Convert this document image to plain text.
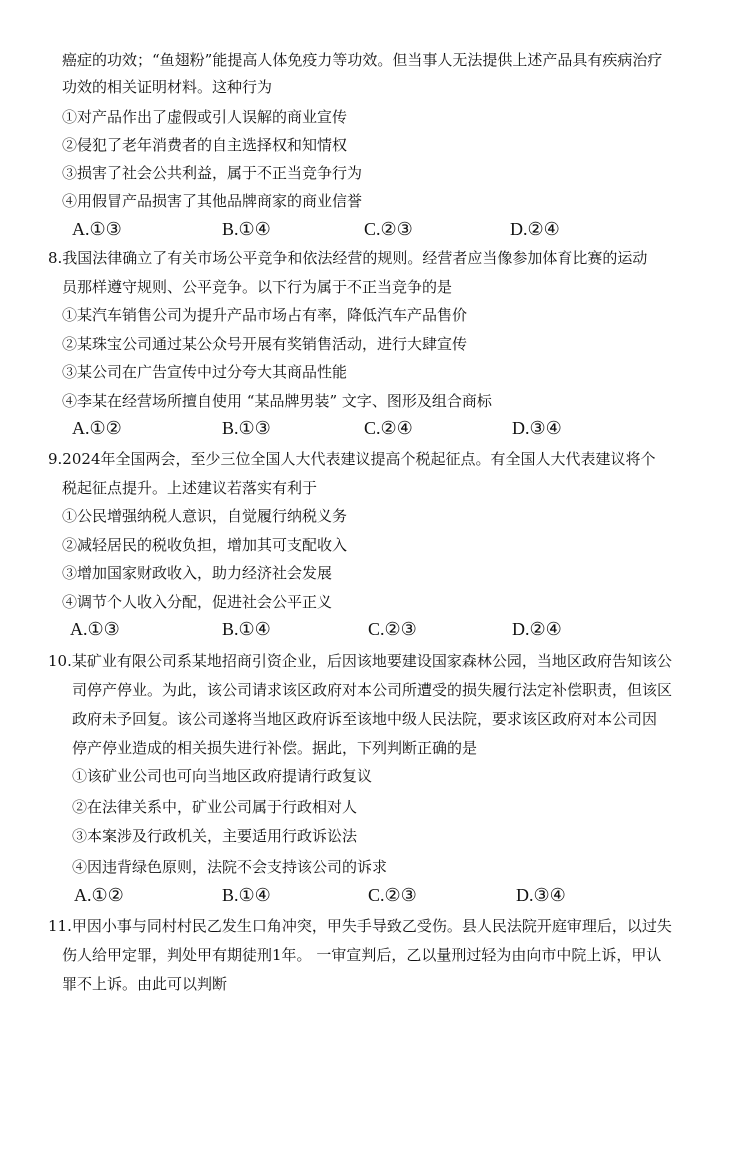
癌症的功效；“鱼翅粉”能提高人体免疫力等功效。但当事人无法提供上述产品具有疾病治疗
功效的相关证明材料。这种行为
①对产品作出了虚假或引人误解的商业宣传
②侵犯了老年消费者的自主选择权和知情权
③损害了社会公共利益，属于不正当竞争行为
④用假冒产品损害了其他品牌商家的商业信誉
A.①③	B.①④	C.②③	D.②④
8.我国法律确立了有关市场公平竞争和依法经营的规则。经营者应当像参加体育比赛的运动
员那样遵守规则、公平竞争。以下行为属于不正当竞争的是
①某汽车销售公司为提升产品市场占有率，降低汽车产品售价
②某珠宝公司通过某公众号开展有奖销售活动，进行大肆宣传
③某公司在广告宣传中过分夸大其商品性能
④李某在经营场所擅自使用 “某品牌男装” 文字、图形及组合商标
A.①②	B.①③	C.②④	D.③④
9.2024年全国两会，至少三位全国人大代表建议提高个税起征点。有全国人大代表建议将个
税起征点提升。上述建议若落实有利于
①公民增强纳税人意识，自觉履行纳税义务
②减轻居民的税收负担，增加其可支配收入
③增加国家财政收入，助力经济社会发展
④调节个人收入分配，促进社会公平正义
A.①③	B.①④	C.②③	D.②④
10.某矿业有限公司系某地招商引资企业，后因该地要建设国家森林公园，当地区政府告知该公
司停产停业。为此，该公司请求该区政府对本公司所遭受的损失履行法定补偿职责，但该区
政府未予回复。该公司遂将当地区政府诉至该地中级人民法院，要求该区政府对本公司因
停产停业造成的相关损失进行补偿。据此，下列判断正确的是
①该矿业公司也可向当地区政府提请行政复议
②在法律关系中，矿业公司属于行政相对人
③本案涉及行政机关，主要适用行政诉讼法
④因违背绿色原则，法院不会支持该公司的诉求
A.①②	B.①④	C.②③	D.③④
11.甲因小事与同村村民乙发生口角冲突，甲失手导致乙受伤。县人民法院开庭审理后，以过失
伤人给甲定罪，判处甲有期徒刑1年。 一审宣判后，乙以量刑过轻为由向市中院上诉，甲认
罪不上诉。由此可以判断
